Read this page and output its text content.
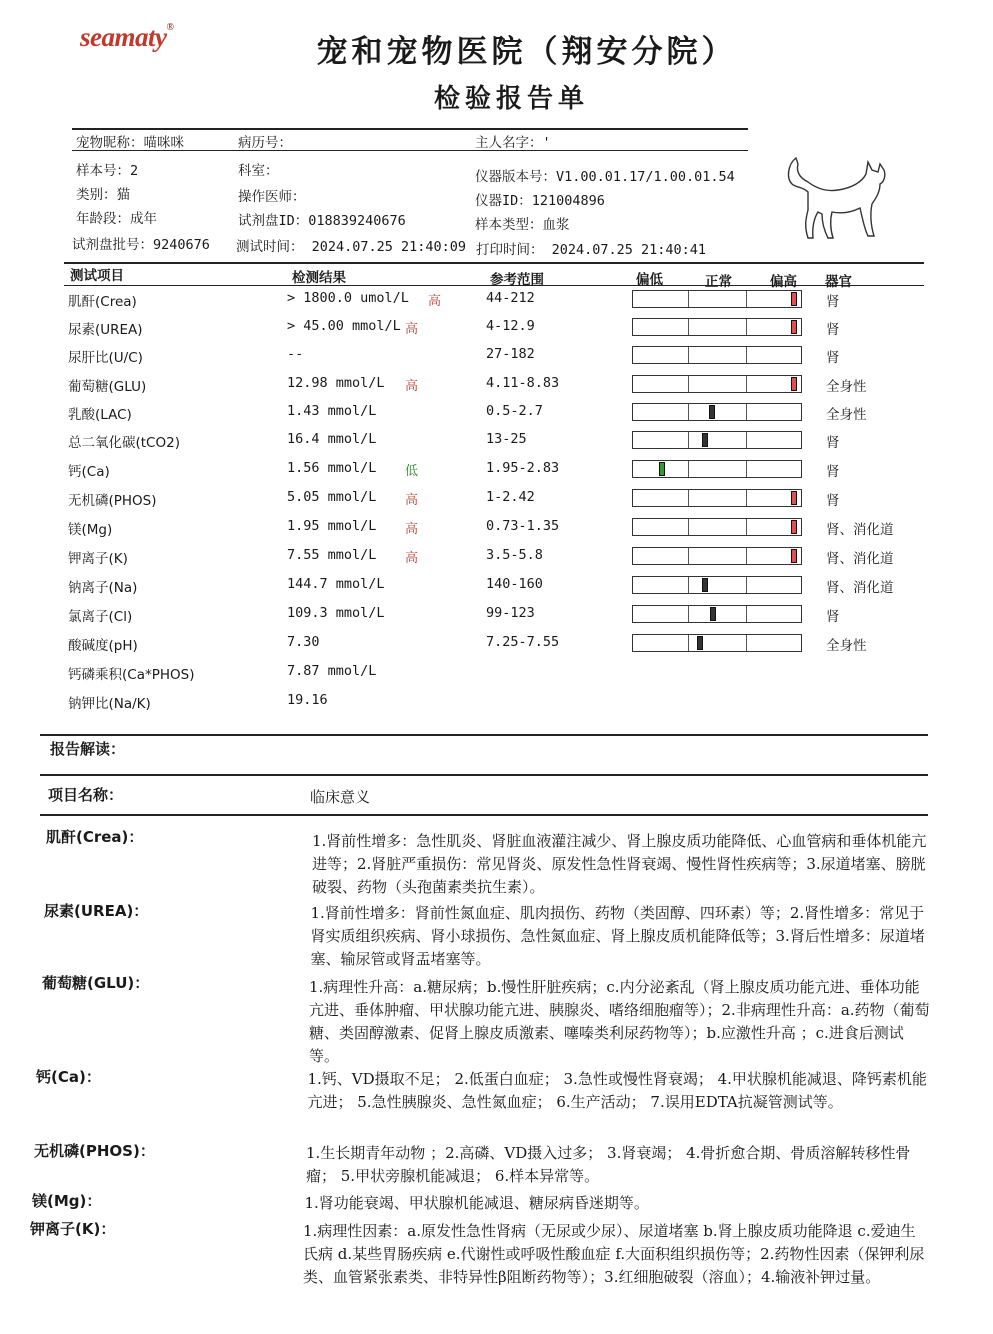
seamaty®
宠和宠物医院（翔安分院）
检验报告单
宠物昵称：喵咪咪	病历号：	主人名字：'
样本号：2	科室：	仪器版本号：V1.00.01.17/1.00.01.54
类别：猫	操作医师：	仪器ID：121004896
年龄段：成年	试剂盘ID：018839240676	样本类型：血浆
试剂盘批号：9240676 测试时间： 2024.07.25 21:40:09 打印时间： 2024.07.25 21:40:41
测试项目	检测结果	参考范围	偏低	正常	偏高 器官
肌酐(Crea)	> 1800.0 umol/L 高	44-212	肾
尿素(UREA)	> 45.00 mmol/L 高	4-12.9	肾
尿肝比(U/C)	--	27-182	肾
葡萄糖(GLU)	12.98 mmol/L 高	4.11-8.83	全身性
乳酸(LAC)	1.43 mmol/L	0.5-2.7	全身性
总二氧化碳(tCO2)	16.4 mmol/L	13-25	肾
钙(Ca)	1.56 mmol/L 低	1.95-2.83	肾
无机磷(PHOS)	5.05 mmol/L 高	1-2.42	肾
镁(Mg)	1.95 mmol/L 高	0.73-1.35	肾、消化道
钾离子(K)	7.55 mmol/L 高	3.5-5.8	肾、消化道
钠离子(Na)	144.7 mmol/L	140-160	肾、消化道
氯离子(Cl)	109.3 mmol/L	99-123	肾
酸碱度(pH)	7.30	7.25-7.55	全身性
钙磷乘积(Ca*PHOS)	7.87 mmol/L
钠钾比(Na/K)	19.16
报告解读：
项目名称：	临床意义
肌酐(Crea)：	1.肾前性增多：急性肌炎、肾脏血液灌注减少、肾上腺皮质功能降低、心血管病和垂体机能亢进等；2.肾脏严重损伤：常见肾炎、原发性急性肾衰竭、慢性肾性疾病等；3.尿道堵塞、膀胱破裂、药物（头孢菌素类抗生素）。
尿素(UREA)：	1.肾前性增多：肾前性氮血症、肌肉损伤、药物（类固醇、四环素）等；2.肾性增多：常见于肾实质组织疾病、肾小球损伤、急性氮血症、肾上腺皮质机能降低等；3.肾后性增多：尿道堵塞、输尿管或肾盂堵塞等。
葡萄糖(GLU)：	1.病理性升高：a.糖尿病；b.慢性肝脏疾病；c.内分泌紊乱（肾上腺皮质功能亢进、垂体功能亢进、垂体肿瘤、甲状腺功能亢进、胰腺炎、嗜络细胞瘤等）；2.非病理性升高：a.药物（葡萄糖、类固醇激素、促肾上腺皮质激素、噻嗪类利尿药物等）；b.应激性升高 ；c.进食后测试等。
钙(Ca)：	1.钙、VD摄取不足； 2.低蛋白血症； 3.急性或慢性肾衰竭； 4.甲状腺机能减退、降钙素机能亢进； 5.急性胰腺炎、急性氮血症； 6.生产活动； 7.误用EDTA抗凝管测试等。
无机磷(PHOS)：	1.生长期青年动物 ；2.高磷、VD摄入过多； 3.肾衰竭； 4.骨折愈合期、骨质溶解转移性骨瘤； 5.甲状旁腺机能减退； 6.样本异常等。
镁(Mg)：	1.肾功能衰竭、甲状腺机能减退、糖尿病昏迷期等。
钾离子(K)：	1.病理性因素：a.原发性急性肾病（无尿或少尿）、尿道堵塞 b.肾上腺皮质功能降退 c.爱迪生氏病 d.某些胃肠疾病 e.代谢性或呼吸性酸血症 f.大面积组织损伤等；2.药物性因素（保钾利尿类、血管紧张素类、非特异性β阻断药物等）；3.红细胞破裂（溶血）；4.输液补钾过量。
